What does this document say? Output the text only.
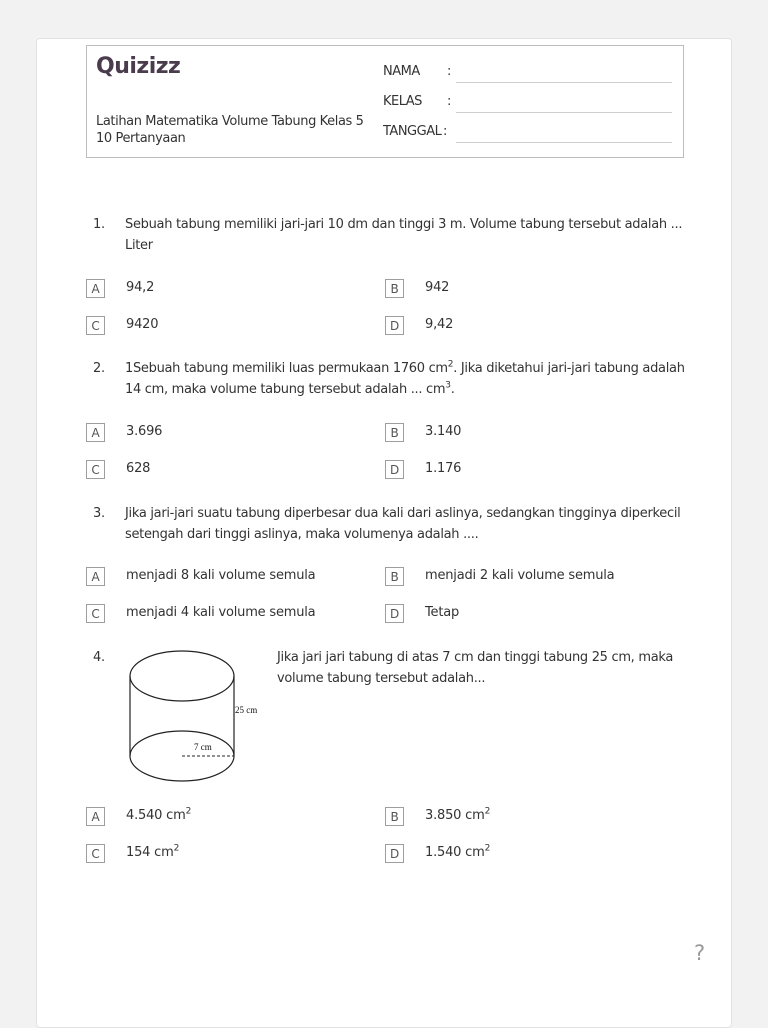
Quizizz
Latihan Matematika Volume Tabung Kelas 5
10 Pertanyaan
NAMA :
KELAS :
TANGGAL :
1. Sebuah tabung memiliki jari-jari 10 dm dan tinggi 3 m. Volume tabung tersebut adalah ... Liter
A	94,2	B	942
C	9420	D	9,42
2. 1Sebuah tabung memiliki luas permukaan 1760 $cm^2$. Jika diketahui jari-jari tabung adalah 14 cm, maka volume tabung tersebut adalah ... $cm^3$.
A	3.696	B	3.140
C	628	D	1.176
3. Jika jari-jari suatu tabung diperbesar dua kali dari aslinya, sedangkan tingginya diperkecil setengah dari tinggi aslinya, maka volumenya adalah ....
A	menjadi 8 kali volume semula	B	menjadi 2 kali volume semula
C	menjadi 4 kali volume semula	D	Tetap
4.	Jika jari jari tabung di atas 7 cm dan tinggi tabung 25 cm, maka volume tabung tersebut adalah...
25 cm
7 cm
A	4.540 $cm^2$	B	3.850 $cm^2$
C	154 $cm^2$	D	1.540 $cm^2$
?
